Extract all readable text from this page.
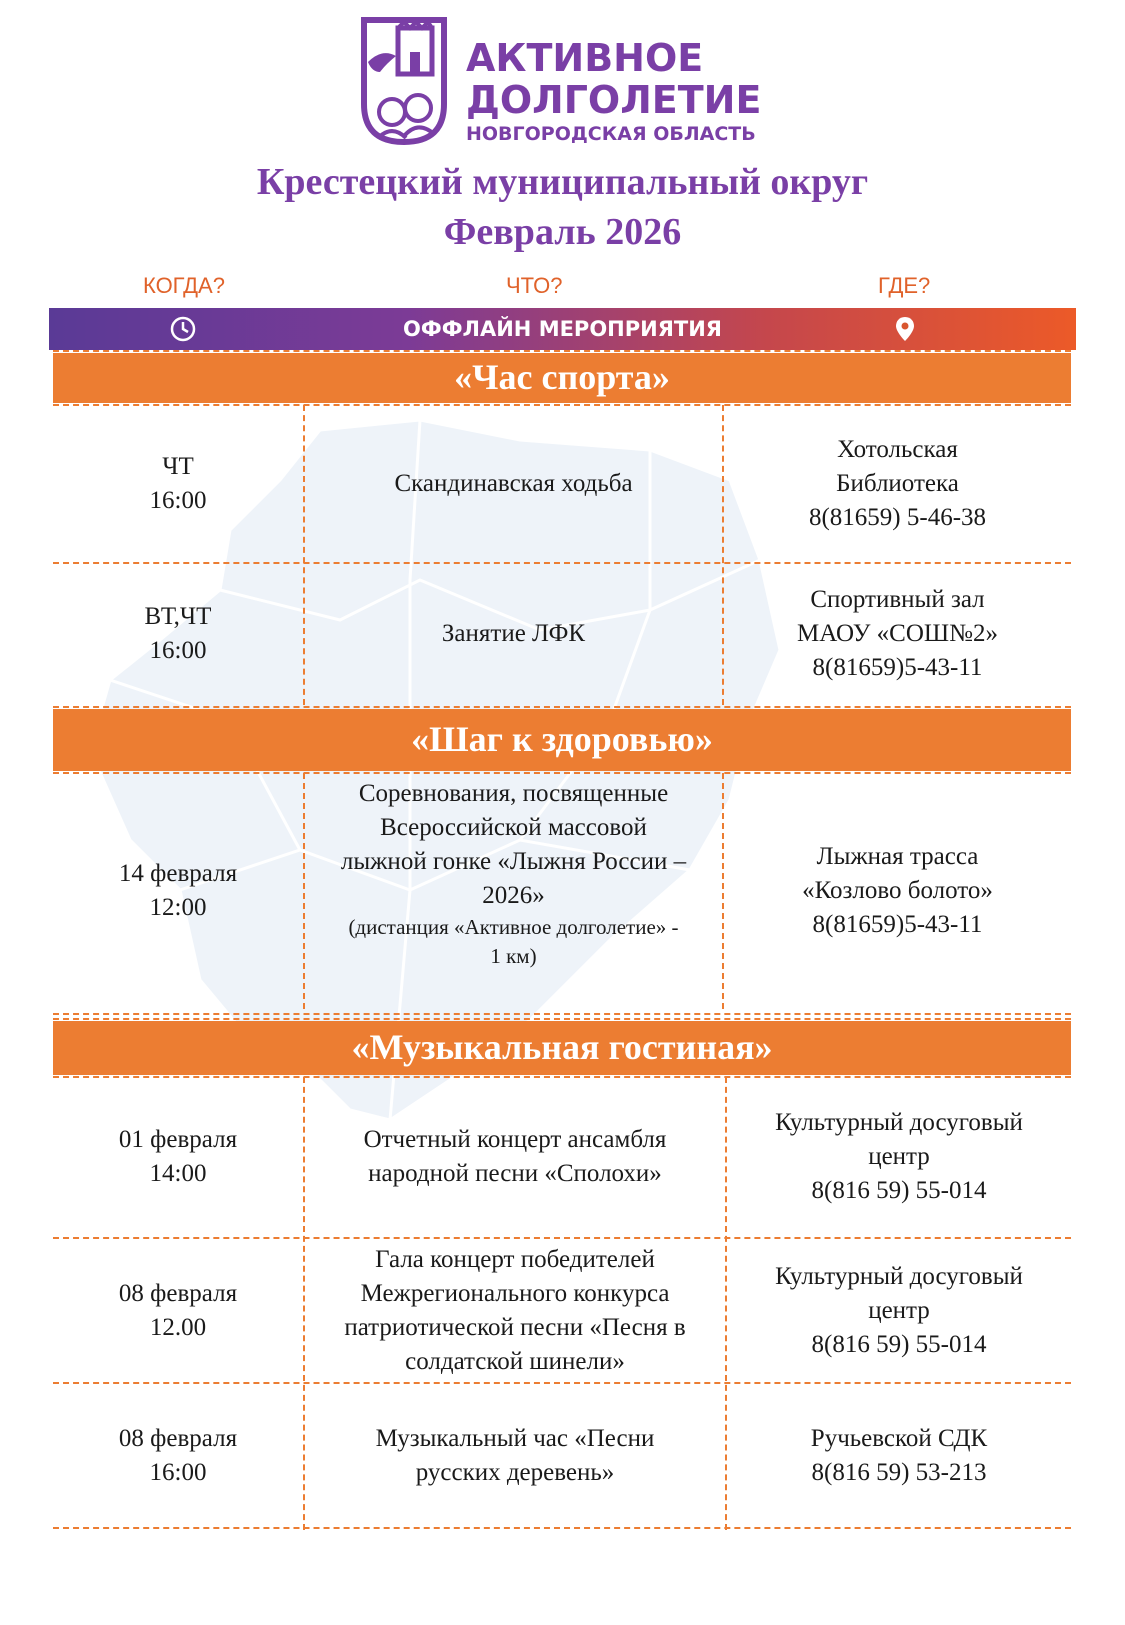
АКТИВНОЕ
ДОЛГОЛЕТИЕ
НОВГОРОДСКАЯ ОБЛАСТЬ
Крестецкий муниципальный округ
Февраль 2026
КОГДА?	ЧТО?	ГДЕ?
ОФФЛАЙН МЕРОПРИЯТИЯ
«Час спорта»
ЧТ
16:00
Скандинавская ходьба
Хотольская
Библиотека
8(81659) 5-46-38
ВТ,ЧТ
16:00
Занятие ЛФК
Спортивный зал
МАОУ «СОШ№2»
8(81659)5-43-11
«Шаг к здоровью»
14 февраля
12:00
Соревнования, посвященные
Всероссийской массовой
лыжной гонке «Лыжня России –
2026»
(дистанция «Активное долголетие» -
1 км)
Лыжная трасса
«Козлово болото»
8(81659)5-43-11
«Музыкальная гостиная»
01 февраля
14:00
Отчетный концерт ансамбля
народной песни «Сполохи»
Культурный досуговый
центр
8(816 59) 55-014
08 февраля
12.00
Гала концерт победителей
Межрегионального конкурса
патриотической песни «Песня в
солдатской шинели»
Культурный досуговый
центр
8(816 59) 55-014
08 февраля
16:00
Музыкальный час «Песни
русских деревень»
Ручьевской СДК
8(816 59) 53-213
